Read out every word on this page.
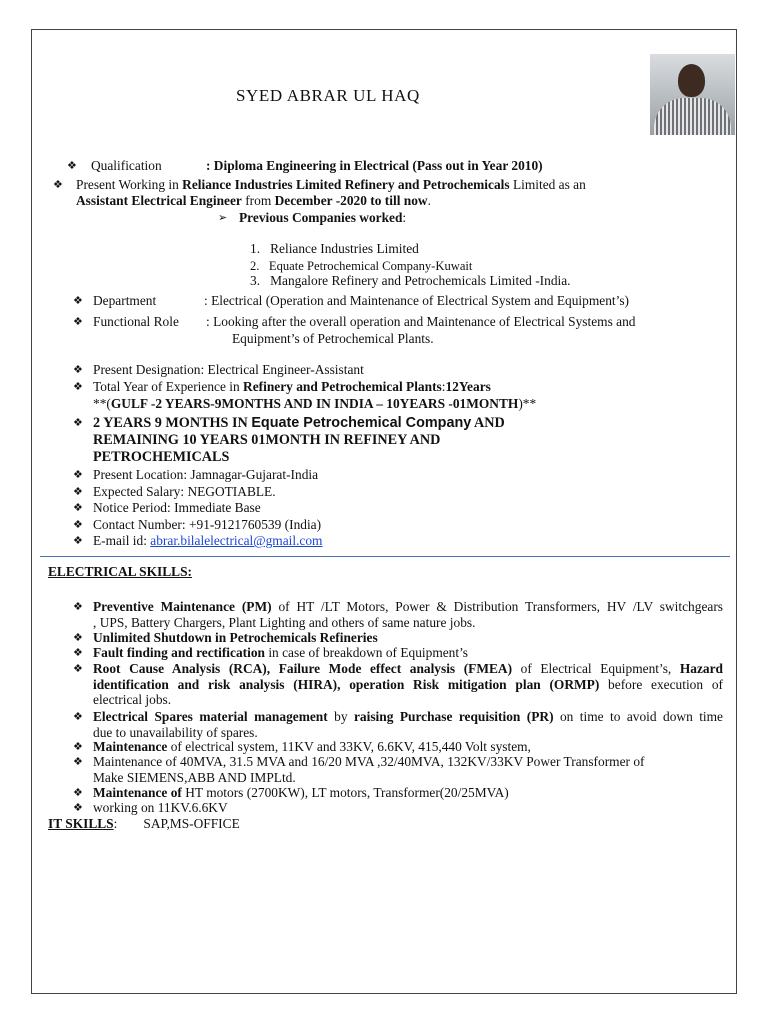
SYED ABRAR UL HAQ
❖ Qualification	: Diploma Engineering in Electrical (Pass out in Year 2010)
❖ Present Working in Reliance Industries Limited Refinery and Petrochemicals Limited as an
Assistant Electrical Engineer from December -2020 to till now.
➢ Previous Companies worked:
1.   Reliance Industries Limited
2.   Equate Petrochemical Company-Kuwait
3.   Mangalore Refinery and Petrochemicals Limited -India.
❖ Department	: Electrical (Operation and Maintenance of Electrical System and Equipment’s)
❖ Functional Role : Looking after the overall operation and Maintenance of Electrical Systems and
Equipment’s of Petrochemical Plants.
❖ Present Designation: Electrical Engineer-Assistant
❖ Total Year of Experience in Refinery and Petrochemical Plants:12Years
**(GULF -2 YEARS-9MONTHS AND IN INDIA – 10YEARS -01MONTH)**
❖ 2 YEARS 9 MONTHS IN Equate Petrochemical Company AND
REMAINING 10 YEARS 01MONTH IN REFINEY AND
PETROCHEMICALS
❖ Present Location: Jamnagar-Gujarat-India
❖ Expected Salary: NEGOTIABLE.
❖ Notice Period: Immediate Base
❖ Contact Number: +91-9121760539 (India)
❖ E-mail id: abrar.bilalelectrical@gmail.com
ELECTRICAL SKILLS:
❖ Preventive Maintenance (PM) of HT /LT Motors, Power & Distribution Transformers, HV /LV switchgears
, UPS, Battery Chargers, Plant Lighting and others of same nature jobs.
❖ Unlimited Shutdown in Petrochemicals Refineries
❖ Fault finding and rectification in case of breakdown of Equipment’s
❖ Root Cause Analysis (RCA), Failure Mode effect analysis (FMEA) of Electrical Equipment’s, Hazard
identification and risk analysis (HIRA), operation Risk mitigation plan (ORMP) before execution of
electrical jobs.
❖ Electrical Spares material management by raising Purchase requisition (PR) on time to avoid down time
due to unavailability of spares.
❖ Maintenance of electrical system, 11KV and 33KV, 6.6KV, 415,440 Volt system,
❖ Maintenance of 40MVA, 31.5 MVA and 16/20 MVA ,32/40MVA, 132KV/33KV Power Transformer of
Make SIEMENS,ABB AND IMPLtd.
❖ Maintenance of HT motors (2700KW), LT motors, Transformer(20/25MVA)
❖ working on 11KV.6.6KV
IT SKILLS: SAP,MS-OFFICE
